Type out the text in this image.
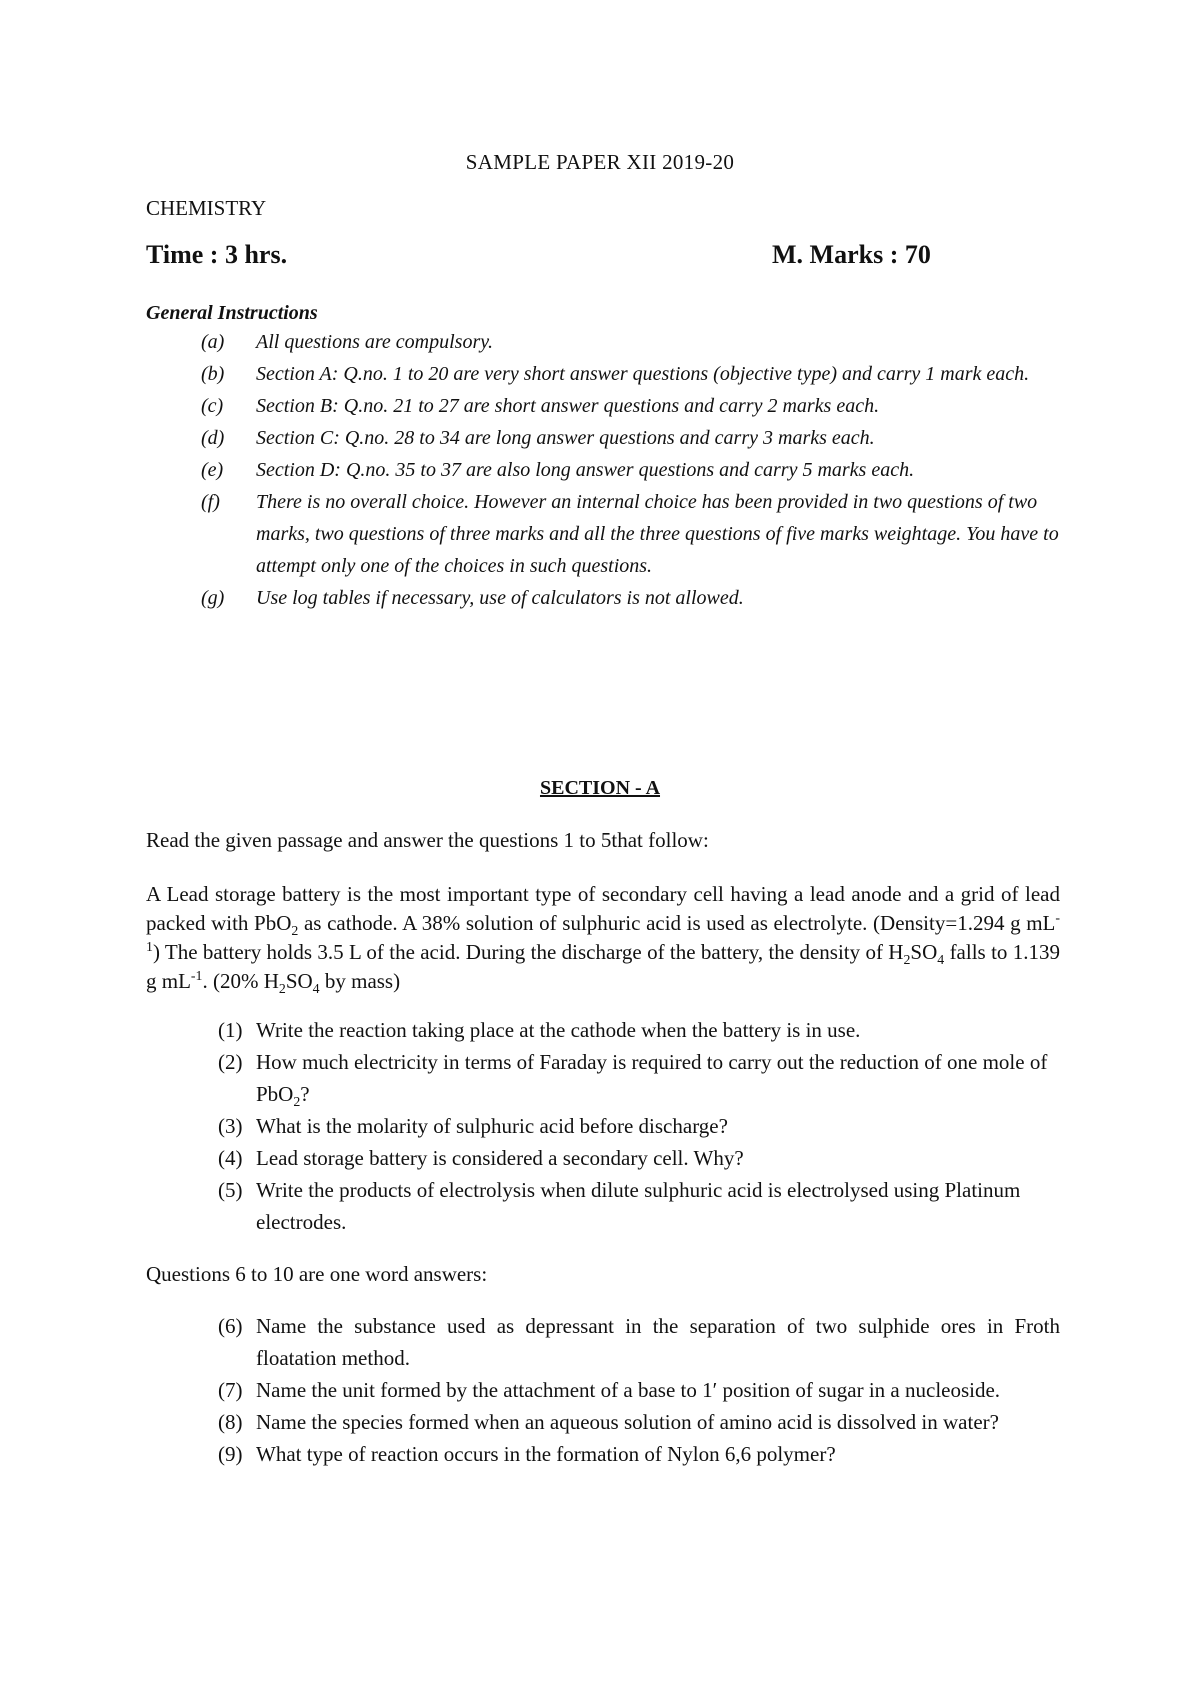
SAMPLE PAPER XII 2019-20
CHEMISTRY
Time : 3 hrs.	M. Marks : 70
General Instructions
(a)	All questions are compulsory.
(b)	Section A: Q.no. 1 to 20 are very short answer questions (objective type) and carry 1 mark each.
(c)	Section B: Q.no. 21 to 27 are short answer questions and carry 2 marks each.
(d)	Section C: Q.no. 28 to 34 are long answer questions and carry 3 marks each.
(e)	Section D: Q.no. 35 to 37 are also long answer questions and carry 5 marks each.
(f)	There is no overall choice. However an internal choice has been provided in two questions of two marks, two questions of three marks and all the three questions of five marks weightage. You have to attempt only one of the choices in such questions.
(g)	Use log tables if necessary, use of calculators is not allowed.
SECTION - A

Read the given passage and answer the questions 1 to 5that follow:

A Lead storage battery is the most important type of secondary cell having a lead anode and a grid of lead packed with PbO$_2$ as cathode. A 38% solution of sulphuric acid is used as electrolyte. (Density=1.294 g $mL^{-1}$) The battery holds 3.5 L of the acid. During the discharge of the battery, the density of $H_2SO_4$ falls to 1.139 g $mL^{-1}$. (20% $H_2SO_4$ by mass)

(1) Write the reaction taking place at the cathode when the battery is in use.
(2) How much electricity in terms of Faraday is required to carry out the reduction of one mole of PbO$_2$?
(3) What is the molarity of sulphuric acid before discharge?
(4) Lead storage battery is considered a secondary cell. Why?
(5) Write the products of electrolysis when dilute sulphuric acid is electrolysed using Platinum electrodes.

Questions 6 to 10 are one word answers:

(6) Name the substance used as depressant in the separation of two sulphide ores in Froth floatation method.
(7) Name the unit formed by the attachment of a base to 1′ position of sugar in a nucleoside.
(8) Name the species formed when an aqueous solution of amino acid is dissolved in water?
(9) What type of reaction occurs in the formation of Nylon 6,6 polymer?
